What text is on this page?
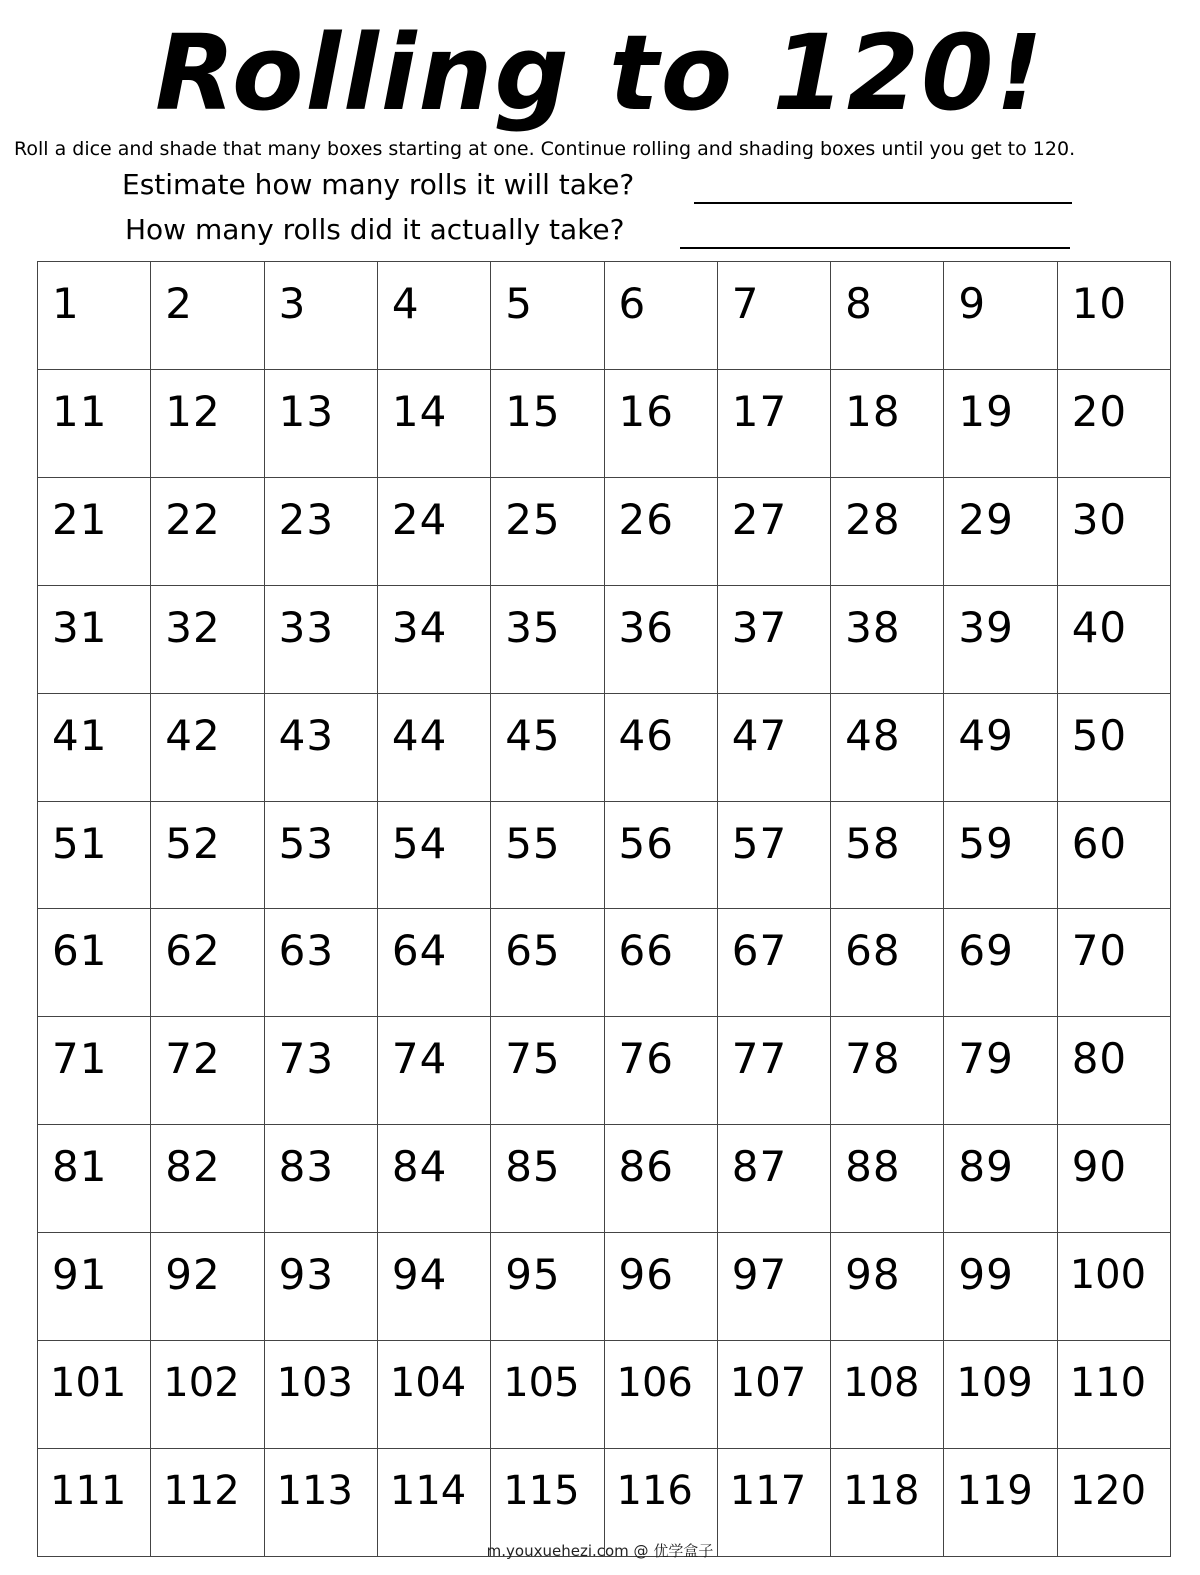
Rolling to 120!
Roll a dice and shade that many boxes starting at one. Continue rolling and shading boxes until you get to 120.
Estimate how many rolls it will take?
How many rolls did it actually take?
1	2	3	4	5	6	7	8	9	10
11	12	13	14	15	16	17	18	19	20
21	22	23	24	25	26	27	28	29	30
31	32	33	34	35	36	37	38	39	40
41	42	43	44	45	46	47	48	49	50
51	52	53	54	55	56	57	58	59	60
61	62	63	64	65	66	67	68	69	70
71	72	73	74	75	76	77	78	79	80
81	82	83	84	85	86	87	88	89	90
91	92	93	94	95	96	97	98	99	100
101 102 103 104 105 106 107 108 109 110
111 112 113 114 115 116 117 118 119 120
m.youxuehezi.com @ 优学盒子
